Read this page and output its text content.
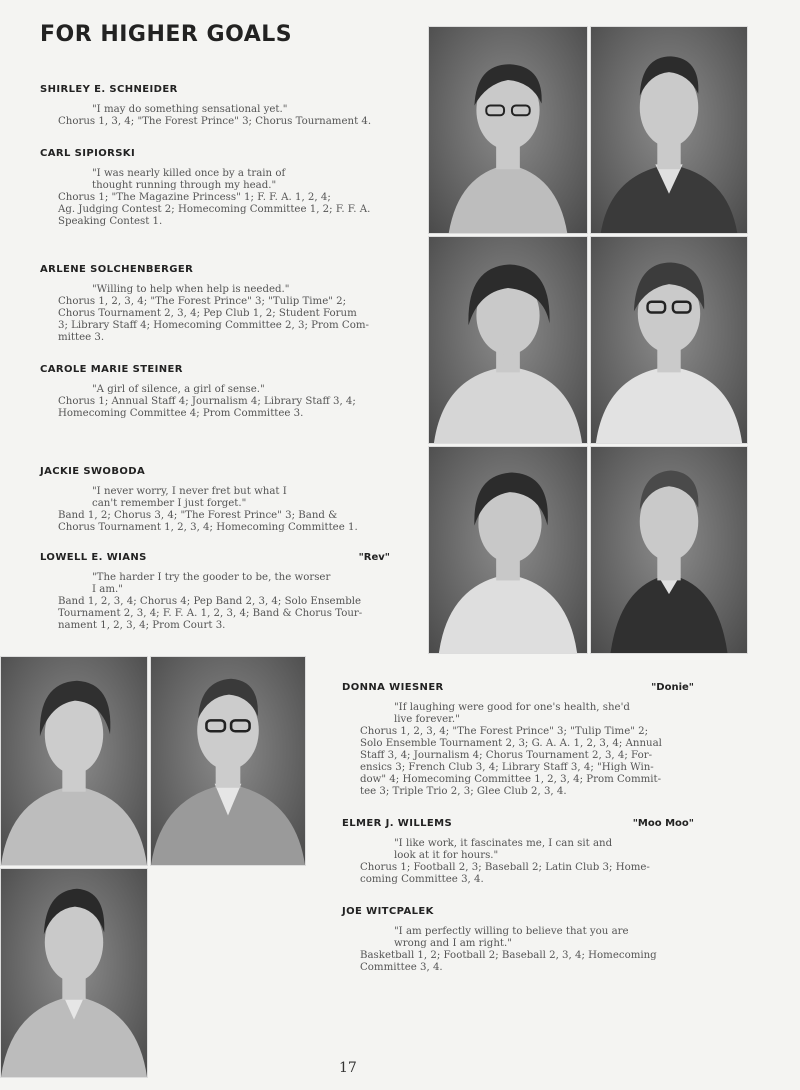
FOR HIGHER GOALS
SHIRLEY E. SCHNEIDER
"I may do something sensational yet."
Chorus 1, 3, 4; "The Forest Prince" 3; Chorus Tournament 4.
CARL SIPIORSKI
"I was nearly killed once by a train of
thought running through my head."
Chorus 1; "The Magazine Princess" 1; F. F. A. 1, 2, 4;
Ag. Judging Contest 2; Homecoming Committee 1, 2; F. F. A.
Speaking Contest 1.
ARLENE SOLCHENBERGER
"Willing to help when help is needed."
Chorus 1, 2, 3, 4; "The Forest Prince" 3; "Tulip Time" 2;
Chorus Tournament 2, 3, 4; Pep Club 1, 2; Student Forum
3; Library Staff 4; Homecoming Committee 2, 3; Prom Com-
mittee 3.
CAROLE MARIE STEINER
"A girl of silence, a girl of sense."
Chorus 1; Annual Staff 4; Journalism 4; Library Staff 3, 4;
Homecoming Committee 4; Prom Committee 3.
JACKIE SWOBODA
"I never worry, I never fret but what I
can't remember I just forget."
Band 1, 2; Chorus 3, 4; "The Forest Prince" 3; Band &
Chorus Tournament 1, 2, 3, 4; Homecoming Committee 1.
LOWELL E. WIANS	"Rev"
"The harder I try the gooder to be, the worser
I am."
Band 1, 2, 3, 4; Chorus 4; Pep Band 2, 3, 4; Solo Ensemble
Tournament 2, 3, 4; F. F. A. 1, 2, 3, 4; Band & Chorus Tour-
nament 1, 2, 3, 4; Prom Court 3.
DONNA WIESNER	"Donie"
"If laughing were good for one's health, she'd
live forever."
Chorus 1, 2, 3, 4; "The Forest Prince" 3; "Tulip Time" 2;
Solo Ensemble Tournament 2, 3; G. A. A. 1, 2, 3, 4; Annual
Staff 3, 4; Journalism 4; Chorus Tournament 2, 3, 4; For-
ensics 3; French Club 3, 4; Library Staff 3, 4; "High Win-
dow" 4; Homecoming Committee 1, 2, 3, 4; Prom Commit-
tee 3; Triple Trio 2, 3; Glee Club 2, 3, 4.
ELMER J. WILLEMS	"Moo Moo"
"I like work, it fascinates me, I can sit and
look at it for hours."
Chorus 1; Football 2, 3; Baseball 2; Latin Club 3; Home-
coming Committee 3, 4.
JOE WITCPALEK
"I am perfectly willing to believe that you are
wrong and I am right."
Basketball 1, 2; Football 2; Baseball 2, 3, 4; Homecoming
Committee 3, 4.
17
